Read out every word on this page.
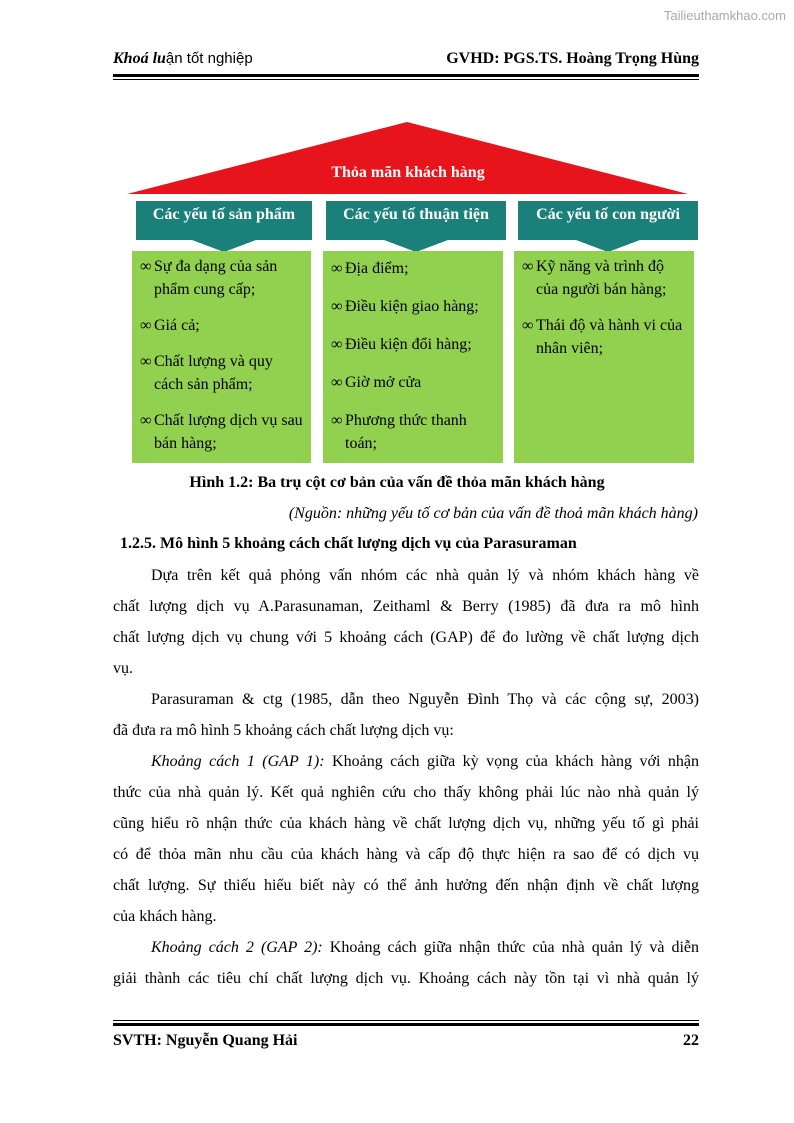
Tailieuthamkhao.com
Khoá luận tốt nghiệp	GVHD: PGS.TS. Hoàng Trọng Hùng
Thỏa mãn khách hàng
Các yếu tố sản phẩm	Các yếu tố thuận tiện	Các yếu tố con người
∞ Sự đa dạng của sản phẩm cung cấp;
∞ Giá cả;
∞ Chất lượng và quy cách sản phẩm;
∞ Chất lượng dịch vụ sau bán hàng;
∞ Địa điểm;
∞ Điều kiện giao hàng;
∞ Điều kiện đổi hàng;
∞ Giờ mở cửa
∞ Phương thức thanh toán;
∞ Kỹ năng và trình độ của người bán hàng;
∞ Thái độ và hành vi của nhân viên;
Hình 1.2: Ba trụ cột cơ bản của vấn đề thỏa mãn khách hàng
(Nguồn: những yếu tố cơ bản của vấn đề thoả mãn khách hàng)
1.2.5. Mô hình 5 khoảng cách chất lượng dịch vụ của Parasuraman
Dựa trên kết quả phỏng vấn nhóm các nhà quản lý và nhóm khách hàng về
chất lượng dịch vụ A.Parasunaman, Zeithaml & Berry (1985) đã đưa ra mô hình
chất lượng dịch vụ chung với 5 khoảng cách (GAP) để đo lường về chất lượng dịch
vụ.
Parasuraman & ctg (1985, dẫn theo Nguyễn Đình Thọ và các cộng sự, 2003)
đã đưa ra mô hình 5 khoảng cách chất lượng dịch vụ:
Khoảng cách 1 (GAP 1): Khoảng cách giữa kỳ vọng của khách hàng với nhận
thức của nhà quản lý. Kết quả nghiên cứu cho thấy không phải lúc nào nhà quản lý
cũng hiểu rõ nhận thức của khách hàng về chất lượng dịch vụ, những yếu tố gì phải
có để thỏa mãn nhu cầu của khách hàng và cấp độ thực hiện ra sao để có dịch vụ
chất lượng. Sự thiếu hiểu biết này có thể ảnh hưởng đến nhận định về chất lượng
của khách hàng.
Khoảng cách 2 (GAP 2): Khoảng cách giữa nhận thức của nhà quản lý và diễn
giải thành các tiêu chí chất lượng dịch vụ. Khoảng cách này tồn tại vì nhà quản lý
SVTH: Nguyễn Quang Hải	22
